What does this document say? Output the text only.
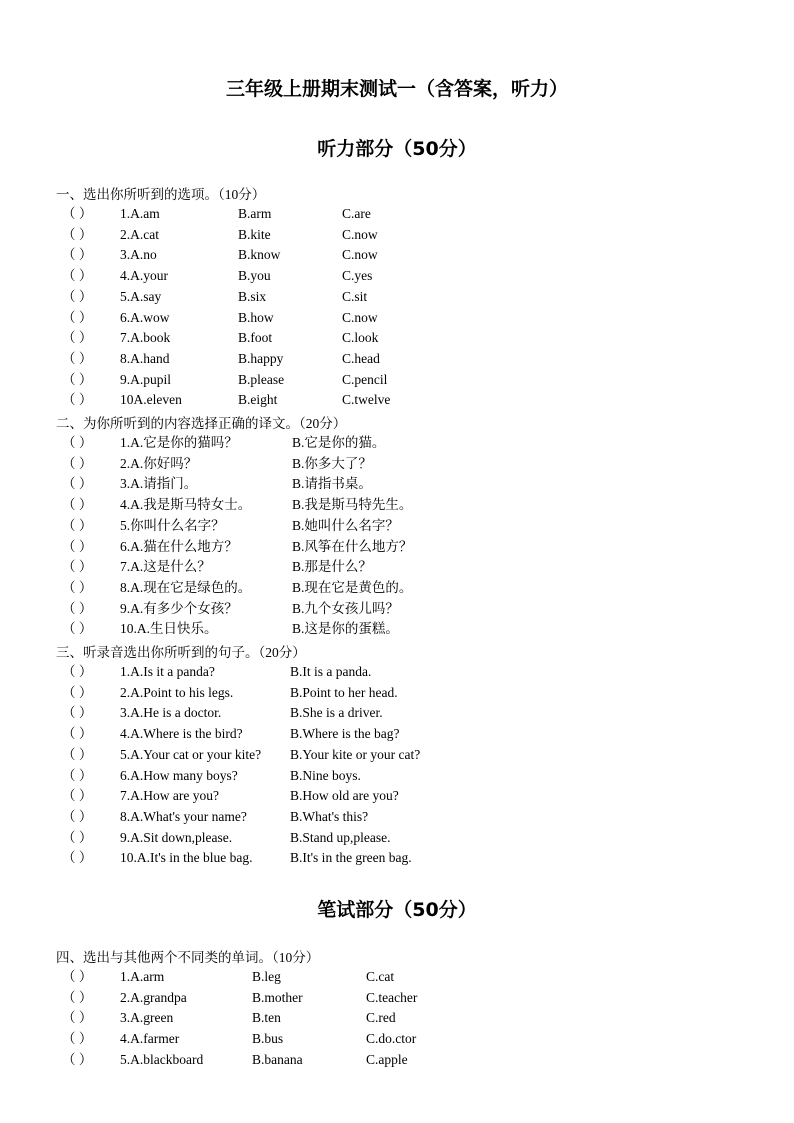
三年级上册期末测试一（含答案，听力）
听力部分（50分）
一、选出你所听到的选项。（10分）
（ ） 1.A.am	B.arm	C.are
（ ） 2.A.cat	B.kite	C.now
（ ） 3.A.no	B.know	C.now
（ ） 4.A.your	B.you	C.yes
（ ） 5.A.say	B.six	C.sit
（ ） 6.A.wow	B.how	C.now
（ ） 7.A.book	B.foot	C.look
（ ） 8.A.hand	B.happy	C.head
（ ） 9.A.pupil	B.please	C.pencil
（ ） 10A.eleven	B.eight	C.twelve
二、为你所听到的内容选择正确的译文。（20分）
（ ） 1.A.它是你的猫吗？	B.它是你的猫。
（ ） 2.A.你好吗？	B.你多大了？
（ ） 3.A.请指门。	B.请指书桌。
（ ） 4.A.我是斯马特女士。	B.我是斯马特先生。
（ ） 5.你叫什么名字？	B.她叫什么名字？
（ ） 6.A.猫在什么地方？	B.风筝在什么地方？
（ ） 7.A.这是什么？	B.那是什么？
（ ） 8.A.现在它是绿色的。	B.现在它是黄色的。
（ ） 9.A.有多少个女孩？	B.九个女孩儿吗？
（ ） 10.A.生日快乐。	B.这是你的蛋糕。
三、听录音选出你所听到的句子。（20分）
（ ） 1.A.Is it a panda?	B.It is a panda.
（ ） 2.A.Point to his legs.	B.Point to her head.
（ ） 3.A.He is a doctor.	B.She is a driver.
（ ） 4.A.Where is the bird?	B.Where is the bag?
（ ） 5.A.Your cat or your kite? B.Your kite or your cat?
（ ） 6.A.How many boys?	B.Nine boys.
（ ） 7.A.How are you?	B.How old are you?
（ ） 8.A.What's your name?	B.What's this?
（ ） 9.A.Sit down,please.	B.Stand up,please.
（ ） 10.A.It's in the blue bag.	B.It's in the green bag.
笔试部分（50分）
四、选出与其他两个不同类的单词。（10分）
（ ） 1.A.arm	B.leg	C.cat
（ ） 2.A.grandpa	B.mother	C.teacher
（ ） 3.A.green	B.ten	C.red
（ ） 4.A.farmer	B.bus	C.do.ctor
（ ） 5.A.blackboard	B.banana	C.apple
